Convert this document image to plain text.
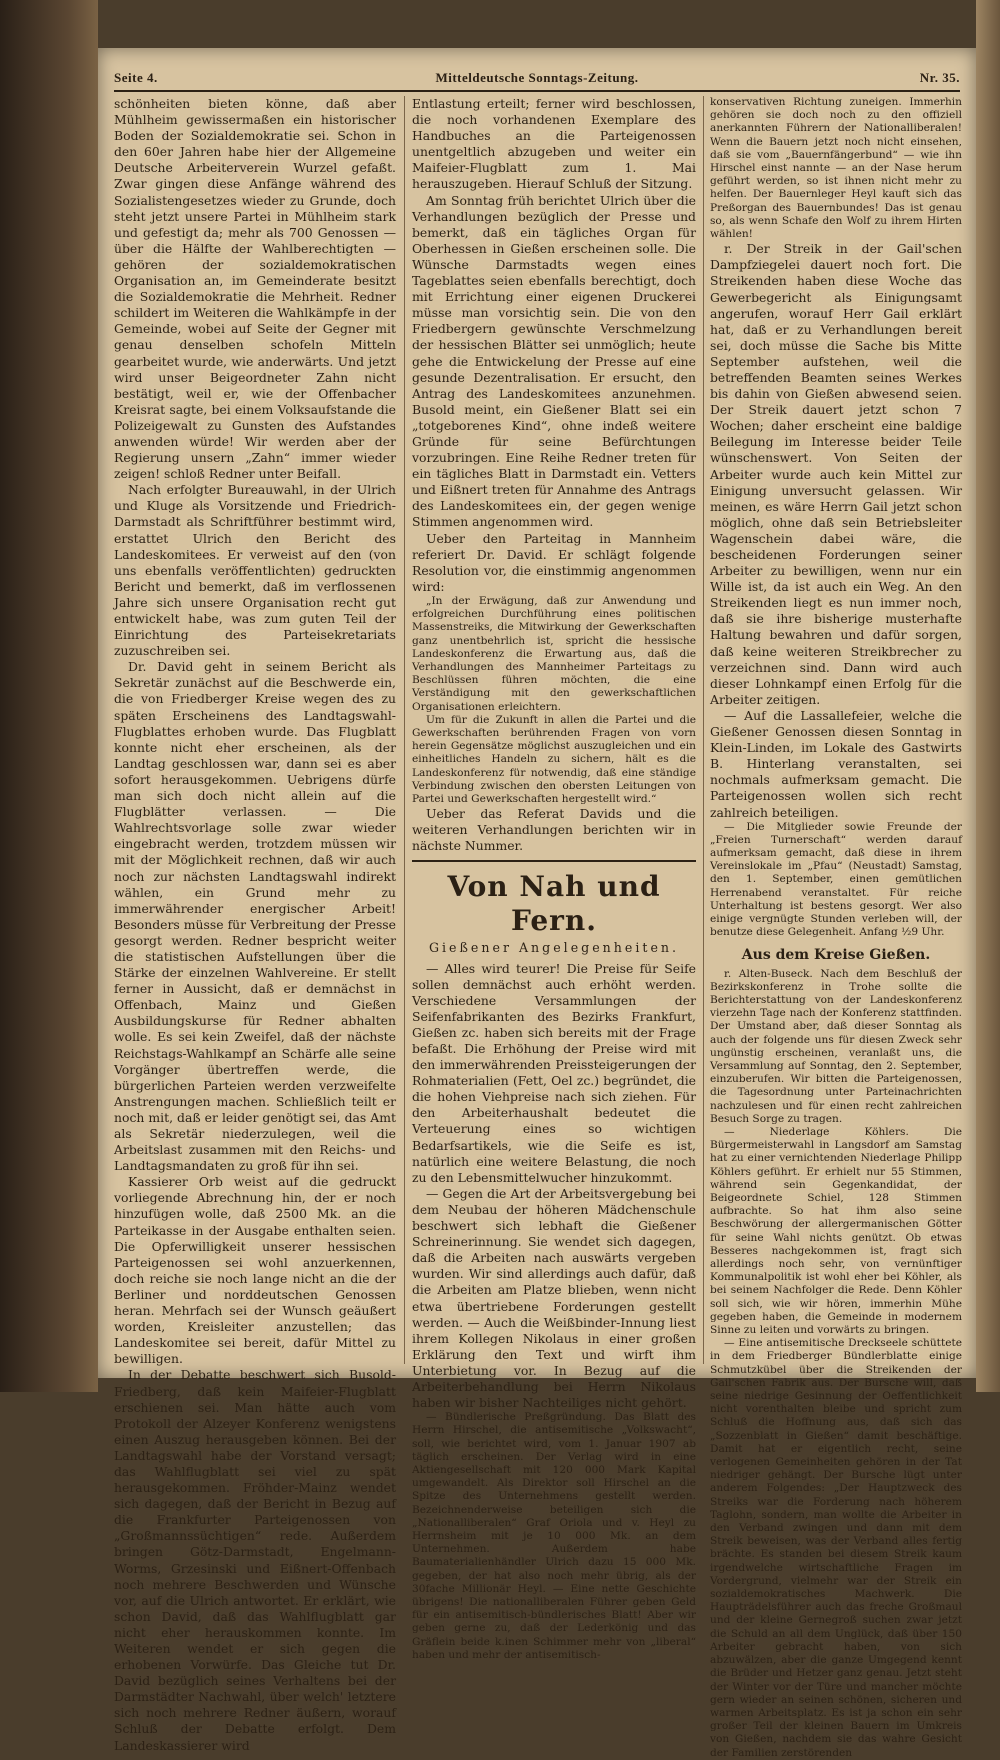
Seite 4.	Mitteldeutsche Sonntags-Zeitung.	Nr. 35.

schönheiten bieten könne, daß aber Mühlheim gewissermaßen ein historischer Boden der Sozialdemokratie sei. Schon in den 60er Jahren habe hier der Allgemeine Deutsche Arbeiterverein Wurzel gefaßt. Zwar gingen diese Anfänge während des Sozialistengesetzes wieder zu Grunde, doch steht jetzt unsere Partei in Mühlheim stark und gefestigt da; mehr als 700 Genossen — über die Hälfte der Wahlberechtigten — gehören der sozialdemokratischen Organisation an, im Gemeinderate besitzt die Sozialdemokratie die Mehrheit. Redner schildert im Weiteren die Wahlkämpfe in der Gemeinde, wobei auf Seite der Gegner mit genau denselben schofeln Mitteln gearbeitet wurde, wie anderwärts. Und jetzt wird unser Beigeordneter Zahn nicht bestätigt, weil er, wie der Offenbacher Kreisrat sagte, bei einem Volksaufstande die Polizeigewalt zu Gunsten des Aufstandes anwenden würde! Wir werden aber der Regierung unsern „Zahn“ immer wieder zeigen! schloß Redner unter Beifall.

Nach erfolgter Bureauwahl, in der Ulrich und Kluge als Vorsitzende und Friedrich-Darmstadt als Schriftführer bestimmt wird, erstattet Ulrich den Bericht des Landeskomitees. Er verweist auf den (von uns ebenfalls veröffentlichten) gedruckten Bericht und bemerkt, daß im verflossenen Jahre sich unsere Organisation recht gut entwickelt habe, was zum guten Teil der Einrichtung des Parteisekretariats zuzuschreiben sei.

Dr. David geht in seinem Bericht als Sekretär zunächst auf die Beschwerde ein, die von Friedberger Kreise wegen des zu späten Erscheinens des Landtagswahl-Flugblattes erhoben wurde. Das Flugblatt konnte nicht eher erscheinen, als der Landtag geschlossen war, dann sei es aber sofort herausgekommen. Uebrigens dürfe man sich doch nicht allein auf die Flugblätter verlassen. — Die Wahlrechtsvorlage solle zwar wieder eingebracht werden, trotzdem müssen wir mit der Möglichkeit rechnen, daß wir auch noch zur nächsten Landtagswahl indirekt wählen, ein Grund mehr zu immerwährender energischer Arbeit! Besonders müsse für Verbreitung der Presse gesorgt werden. Redner bespricht weiter die statistischen Aufstellungen über die Stärke der einzelnen Wahlvereine. Er stellt ferner in Aussicht, daß er demnächst in Offenbach, Mainz und Gießen Ausbildungskurse für Redner abhalten wolle. Es sei kein Zweifel, daß der nächste Reichstags-Wahlkampf an Schärfe alle seine Vorgänger übertreffen werde, die bürgerlichen Parteien werden verzweifelte Anstrengungen machen. Schließlich teilt er noch mit, daß er leider genötigt sei, das Amt als Sekretär niederzulegen, weil die Arbeitslast zusammen mit den Reichs- und Landtagsmandaten zu groß für ihn sei.

Kassierer Orb weist auf die gedruckt vorliegende Abrechnung hin, der er noch hinzufügen wolle, daß 2500 Mk. an die Parteikasse in der Ausgabe enthalten seien. Die Opferwilligkeit unserer hessischen Parteigenossen sei wohl anzuerkennen, doch reiche sie noch lange nicht an die der Berliner und norddeutschen Genossen heran. Mehrfach sei der Wunsch geäußert worden, Kreisleiter anzustellen; das Landeskomitee sei bereit, dafür Mittel zu bewilligen.

In der Debatte beschwert sich Busold-Friedberg, daß kein Maifeier-Flugblatt erschienen sei. Man hätte auch vom Protokoll der Alzeyer Konferenz wenigstens einen Auszug herausgeben können. Bei der Landtagswahl habe der Vorstand versagt; das Wahlflugblatt sei viel zu spät herausgekommen. Fröhder-Mainz wendet sich dagegen, daß der Bericht in Bezug auf die Frankfurter Parteigenossen von „Großmannssüchtigen“ rede. Außerdem bringen Götz-Darmstadt, Engelmann-Worms, Grzesinski und Eißnert-Offenbach noch mehrere Beschwerden und Wünsche vor, auf die Ulrich antwortet. Er erklärt, wie schon David, daß das Wahlflugblatt gar nicht eher herauskommen konnte. Im Weiteren wendet er sich gegen die erhobenen Vorwürfe. Das Gleiche tut Dr. David bezüglich seines Verhaltens bei der Darmstädter Nachwahl, über welch' letztere sich noch mehrere Redner äußern, worauf Schluß der Debatte erfolgt. Dem Landeskassierer wird

Entlastung erteilt; ferner wird beschlossen, die noch vorhandenen Exemplare des Handbuches an die Parteigenossen unentgeltlich abzugeben und weiter ein Maifeier-Flugblatt zum 1. Mai herauszugeben. Hierauf Schluß der Sitzung.

Am Sonntag früh berichtet Ulrich über die Verhandlungen bezüglich der Presse und bemerkt, daß ein tägliches Organ für Oberhessen in Gießen erscheinen solle. Die Wünsche Darmstadts wegen eines Tageblattes seien ebenfalls berechtigt, doch mit Errichtung einer eigenen Druckerei müsse man vorsichtig sein. Die von den Friedbergern gewünschte Verschmelzung der hessischen Blätter sei unmöglich; heute gehe die Entwickelung der Presse auf eine gesunde Dezentralisation. Er ersucht, den Antrag des Landeskomitees anzunehmen. Busold meint, ein Gießener Blatt sei ein „totgeborenes Kind“, ohne indeß weitere Gründe für seine Befürchtungen vorzubringen. Eine Reihe Redner treten für ein tägliches Blatt in Darmstadt ein. Vetters und Eißnert treten für Annahme des Antrags des Landeskomitees ein, der gegen wenige Stimmen angenommen wird.

Ueber den Parteitag in Mannheim referiert Dr. David. Er schlägt folgende Resolution vor, die einstimmig angenommen wird:

„In der Erwägung, daß zur Anwendung und erfolgreichen Durchführung eines politischen Massenstreiks, die Mitwirkung der Gewerkschaften ganz unentbehrlich ist, spricht die hessische Landeskonferenz die Erwartung aus, daß die Verhandlungen des Mannheimer Parteitags zu Beschlüssen führen möchten, die eine Verständigung mit den gewerkschaftlichen Organisationen erleichtern.

Um für die Zukunft in allen die Partei und die Gewerkschaften berührenden Fragen von vorn herein Gegensätze möglichst auszugleichen und ein einheitliches Handeln zu sichern, hält es die Landeskonferenz für notwendig, daß eine ständige Verbindung zwischen den obersten Leitungen von Partei und Gewerkschaften hergestellt wird.“

Ueber das Referat Davids und die weiteren Verhandlungen berichten wir in nächste Nummer.

Von Nah und Fern.
Gießener Angelegenheiten.

— Alles wird teurer! Die Preise für Seife sollen demnächst auch erhöht werden. Verschiedene Versammlungen der Seifenfabrikanten des Bezirks Frankfurt, Gießen zc. haben sich bereits mit der Frage befaßt. Die Erhöhung der Preise wird mit den immerwährenden Preissteigerungen der Rohmaterialien (Fett, Oel zc.) begründet, die die hohen Viehpreise nach sich ziehen. Für den Arbeiterhaushalt bedeutet die Verteuerung eines so wichtigen Bedarfsartikels, wie die Seife es ist, natürlich eine weitere Belastung, die noch zu den Lebensmittelwucher hinzukommt.

— Gegen die Art der Arbeitsvergebung bei dem Neubau der höheren Mädchenschule beschwert sich lebhaft die Gießener Schreinerinnung. Sie wendet sich dagegen, daß die Arbeiten nach auswärts vergeben wurden. Wir sind allerdings auch dafür, daß die Arbeiten am Platze blieben, wenn nicht etwa übertriebene Forderungen gestellt werden. — Auch die Weißbinder-Innung liest ihrem Kollegen Nikolaus in einer großen Erklärung den Text und wirft ihm Unterbietung vor. In Bezug auf die Arbeiterbehandlung bei Herrn Nikolaus haben wir bisher Nachteiliges nicht gehört.

— Bündlerische Preßgründung. Das Blatt des Herrn Hirschel, die antisemitische „Volkswacht“, soll, wie berichtet wird, vom 1. Januar 1907 ab täglich erscheinen. Der Verlag wird in eine Aktiengesellschaft mit 120 000 Mark Kapital umgewandelt. Als Direktor soll Hirschel an die Spitze des Unternehmens gestellt werden. Bezeichnenderweise beteiligen sich die „Nationalliberalen“ Graf Oriola und v. Heyl zu Herrnsheim mit je 10 000 Mk. an dem Unternehmen. Außerdem habe Baumaterialienhändler Ulrich dazu 15 000 Mk. gegeben, der hat also noch mehr übrig, als der 30fache Millionär Heyl. — Eine nette Geschichte übrigens! Die nationalliberalen Führer geben Geld für ein antisemitisch-bündlerisches Blatt! Aber wir geben gerne zu, daß der Lederkönig und das Gräflein beide k.inen Schimmer mehr von „liberal“ haben und mehr der antisemitisch-

konservativen Richtung zuneigen. Immerhin gehören sie doch noch zu den offiziell anerkannten Führern der Nationalliberalen! Wenn die Bauern jetzt noch nicht einsehen, daß sie vom „Bauernfängerbund“ — wie ihn Hirschel einst nannte — an der Nase herum geführt werden, so ist ihnen nicht mehr zu helfen. Der Bauernleger Heyl kauft sich das Preßorgan des Bauernbundes! Das ist genau so, als wenn Schafe den Wolf zu ihrem Hirten wählen!

r. Der Streik in der Gail'schen Dampfziegelei dauert noch fort. Die Streikenden haben diese Woche das Gewerbegericht als Einigungsamt angerufen, worauf Herr Gail erklärt hat, daß er zu Verhandlungen bereit sei, doch müsse die Sache bis Mitte September aufstehen, weil die betreffenden Beamten seines Werkes bis dahin von Gießen abwesend seien. Der Streik dauert jetzt schon 7 Wochen; daher erscheint eine baldige Beilegung im Interesse beider Teile wünschenswert. Von Seiten der Arbeiter wurde auch kein Mittel zur Einigung unversucht gelassen. Wir meinen, es wäre Herrn Gail jetzt schon möglich, ohne daß sein Betriebsleiter Wagenschein dabei wäre, die bescheidenen Forderungen seiner Arbeiter zu bewilligen, wenn nur ein Wille ist, da ist auch ein Weg. An den Streikenden liegt es nun immer noch, daß sie ihre bisherige musterhafte Haltung bewahren und dafür sorgen, daß keine weiteren Streikbrecher zu verzeichnen sind. Dann wird auch dieser Lohnkampf einen Erfolg für die Arbeiter zeitigen.

— Auf die Lassallefeier, welche die Gießener Genossen diesen Sonntag in Klein-Linden, im Lokale des Gastwirts B. Hinterlang veranstalten, sei nochmals aufmerksam gemacht. Die Parteigenossen wollen sich recht zahlreich beteiligen.

— Die Mitglieder sowie Freunde der „Freien Turnerschaft“ werden darauf aufmerksam gemacht, daß diese in ihrem Vereinslokale im „Pfau“ (Neustadt) Samstag, den 1. September, einen gemütlichen Herrenabend veranstaltet. Für reiche Unterhaltung ist bestens gesorgt. Wer also einige vergnügte Stunden verleben will, der benutze diese Gelegenheit. Anfang ½9 Uhr.

Aus dem Kreise Gießen.

r. Alten-Buseck. Nach dem Beschluß der Bezirkskonferenz in Trohe sollte die Berichterstattung von der Landeskonferenz vierzehn Tage nach der Konferenz stattfinden. Der Umstand aber, daß dieser Sonntag als auch der folgende uns für diesen Zweck sehr ungünstig erscheinen, veranlaßt uns, die Versammlung auf Sonntag, den 2. September, einzuberufen. Wir bitten die Parteigenossen, die Tagesordnung unter Parteinachrichten nachzulesen und für einen recht zahlreichen Besuch Sorge zu tragen.

— Niederlage Köhlers. Die Bürgermeisterwahl in Langsdorf am Samstag hat zu einer vernichtenden Niederlage Philipp Köhlers geführt. Er erhielt nur 55 Stimmen, während sein Gegenkandidat, der Beigeordnete Schiel, 128 Stimmen aufbrachte. So hat ihm also seine Beschwörung der allergermanischen Götter für seine Wahl nichts genützt. Ob etwas Besseres nachgekommen ist, fragt sich allerdings noch sehr, von vernünftiger Kommunalpolitik ist wohl eher bei Köhler, als bei seinem Nachfolger die Rede. Denn Köhler soll sich, wie wir hören, immerhin Mühe gegeben haben, die Gemeinde in modernem Sinne zu leiten und vorwärts zu bringen.

— Eine antisemitische Dreckseele schüttete in dem Friedberger Bündlerblatte einige Schmutzkübel über die Streikenden der Gail'schen Fabrik aus. Der Bursche will, daß seine niedrige Gesinnung der Oeffentlichkeit nicht vorenthalten bleibe und spricht zum Schluß die Hoffnung aus, daß sich das „Sozzenblatt in Gießen“ damit beschäftige. Damit hat er eigentlich recht, seine verlogenen Gemeinheiten gehören in der Tat niedriger gehängt. Der Bursche lügt unter anderem Folgendes: „Der Hauptzweck des Streiks war die Forderung nach höherem Taglohn, sondern, man wollte die Arbeiter in den Verband zwingen und dann mit dem Streik beweisen, was der Verband alles fertig brächte. Es standen bei diesem Streik kaum irgendwelche wirtschaftliche Fragen im Vordergrund, vielmehr war der Streik ein sozialdemokratisches Machwerk. Die Haupträdelsführer auch das freche Großmaul und der kleine Gernegroß suchen zwar jetzt die Schuld an all dem Unglück, daß über 150 Arbeiter gebracht haben, von sich abzuwälzen, aber die ganze Umgegend kennt die Brüder und Hetzer ganz genau. Jetzt steht der Winter vor der Türe und mancher möchte gern wieder an seinen schönen, sicheren und warmen Arbeitsplatz. Es ist ja schon ein sehr großer Teil der kleinen Bauern im Umkreis von Gießen, nachdem sie das wahre Gesicht der Familien zerstörenden
